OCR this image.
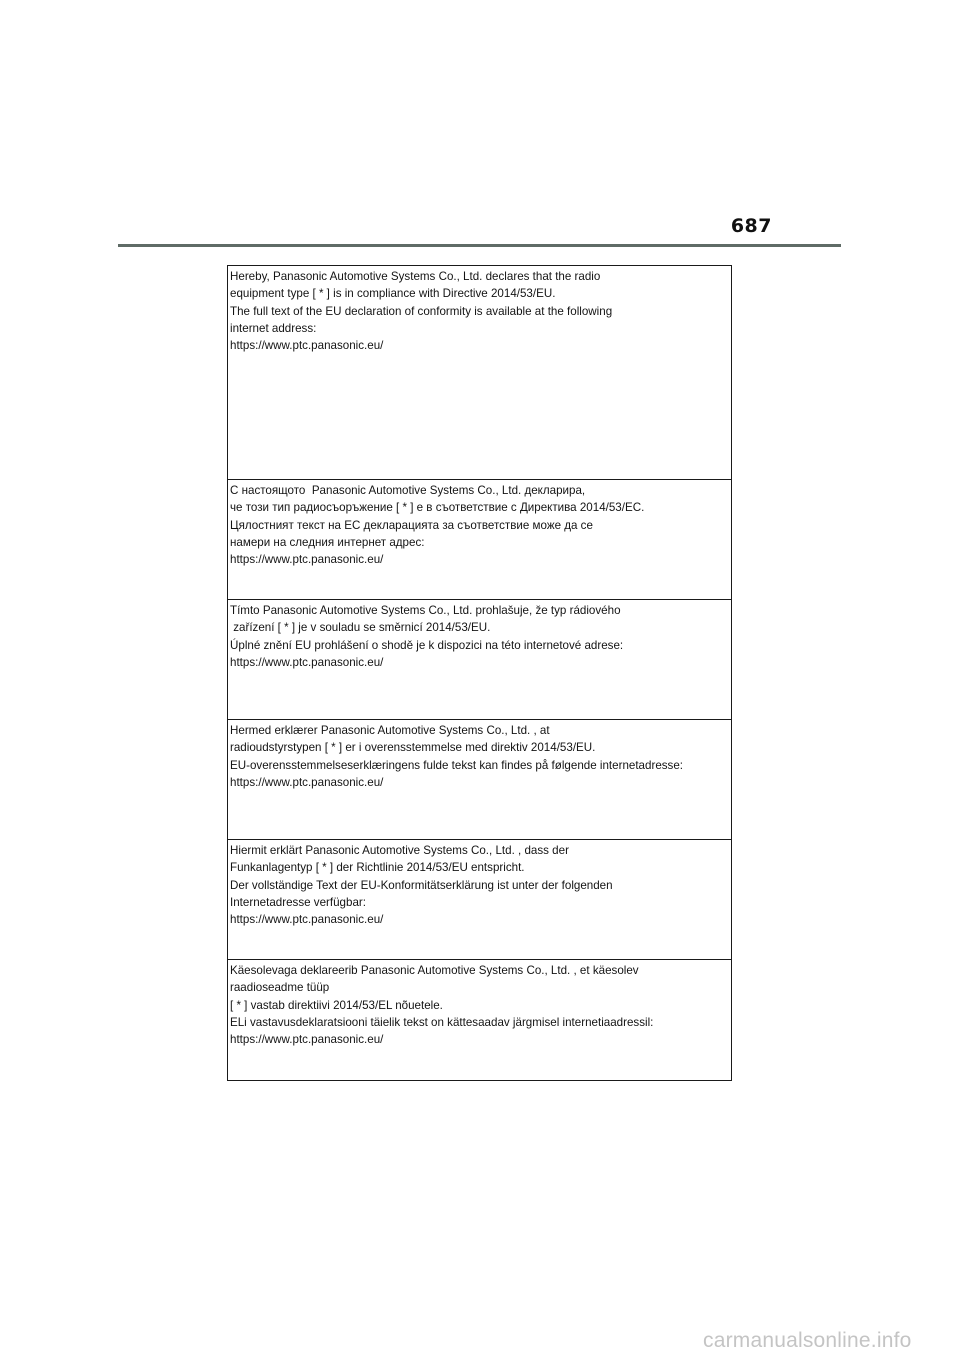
687
Hereby, Panasonic Automotive Systems Co., Ltd. declares that the radio
equipment type [ * ] is in compliance with Directive 2014/53/EU.
The full text of the EU declaration of conformity is available at the following
internet address:
https://www.ptc.panasonic.eu/
С настоящото  Panasonic Automotive Systems Co., Ltd. декларира,
че този тип радиосъоръжение [ * ] е в съответствие с Директива 2014/53/ЕС.
Цялостният текст на ЕС декларацията за съответствие може да се
намери на следния интернет адрес:
https://www.ptc.panasonic.eu/
Tímto Panasonic Automotive Systems Co., Ltd. prohlašuje, že typ rádiového
zařízení [ * ] je v souladu se směrnicí 2014/53/EU.
Úplné znění EU prohlášení o shodě je k dispozici na této internetové adrese:
https://www.ptc.panasonic.eu/
Hermed erklærer Panasonic Automotive Systems Co., Ltd. , at
radioudstyrstypen [ * ] er i overensstemmelse med direktiv 2014/53/EU.
EU-overensstemmelseserklæringens fulde tekst kan findes på følgende internetadresse:
https://www.ptc.panasonic.eu/
Hiermit erklärt Panasonic Automotive Systems Co., Ltd. , dass der
Funkanlagentyp [ * ] der Richtlinie 2014/53/EU entspricht.
Der vollständige Text der EU-Konformitätserklärung ist unter der folgenden
Internetadresse verfügbar:
https://www.ptc.panasonic.eu/
Käesolevaga deklareerib Panasonic Automotive Systems Co., Ltd. , et käesolev
raadioseadme tüüp
[ * ] vastab direktiivi 2014/53/EL nõuetele.
ELi vastavusdeklaratsiooni täielik tekst on kättesaadav järgmisel internetiaadressil:
https://www.ptc.panasonic.eu/
carmanualsonline.info
